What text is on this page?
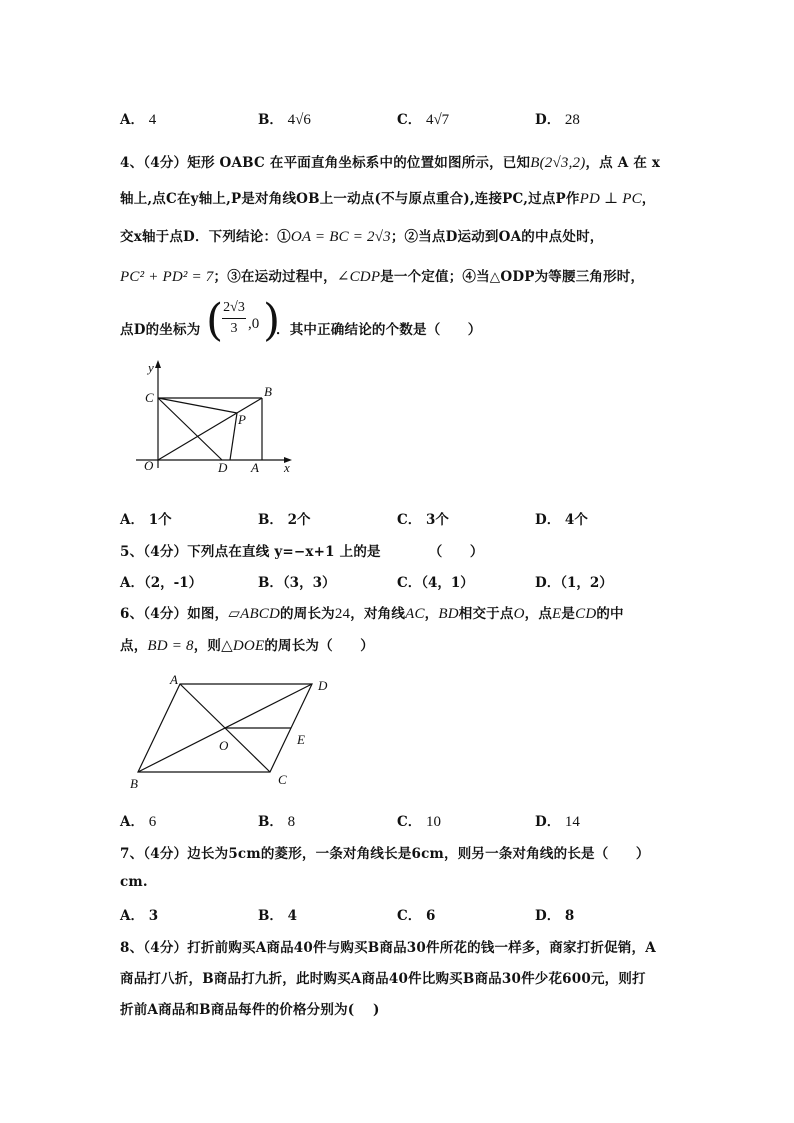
A． 4	B． 4√6	C． 4√7	D． 28
4、（4分）矩形 OABC 在平面直角坐标系中的位置如图所示，已知B(2√3,2)，点 A 在 x
轴上,点C在y轴上,P是对角线OB上一动点(不与原点重合),连接PC,过点P作PD ⊥ PC，
交x轴于点D．下列结论：①OA = BC = 2√3；②当点D运动到OA的中点处时，
PC² + PD² = 7；③在运动过程中，∠CDP是一个定值；④当△ODP为等腰三角形时，
点D的坐标为 ( 2√3
3 ,0 )
．其中正确结论的个数是（　　）
y
C	B
P
O	D A x
A． 1个	B． 2个	C． 3个	D． 4个
5、（4分）下列点在直线 y=−x+1 上的是　　　　（　　）
A．（2，-1）	B．（3，3）	C．（4，1）	D．（1，2）
6、（4分）如图，▱ABCD的周长为24，对角线AC，BD相交于点O，点E是CD的中
点，BD = 8，则△DOE的周长为（　　）
A	D
O	E
B	C
A． 6	B． 8	C． 10	D． 14
7、（4分）边长为5cm的菱形，一条对角线长是6cm，则另一条对角线的长是（　　）
cm.
A． 3	B． 4	C． 6	D． 8
8、（4分）打折前购买A商品40件与购买B商品30件所花的钱一样多，商家打折促销，A
商品打八折，B商品打九折，此时购买A商品40件比购买B商品30件少花600元，则打
折前A商品和B商品每件的价格分别为(　 )
